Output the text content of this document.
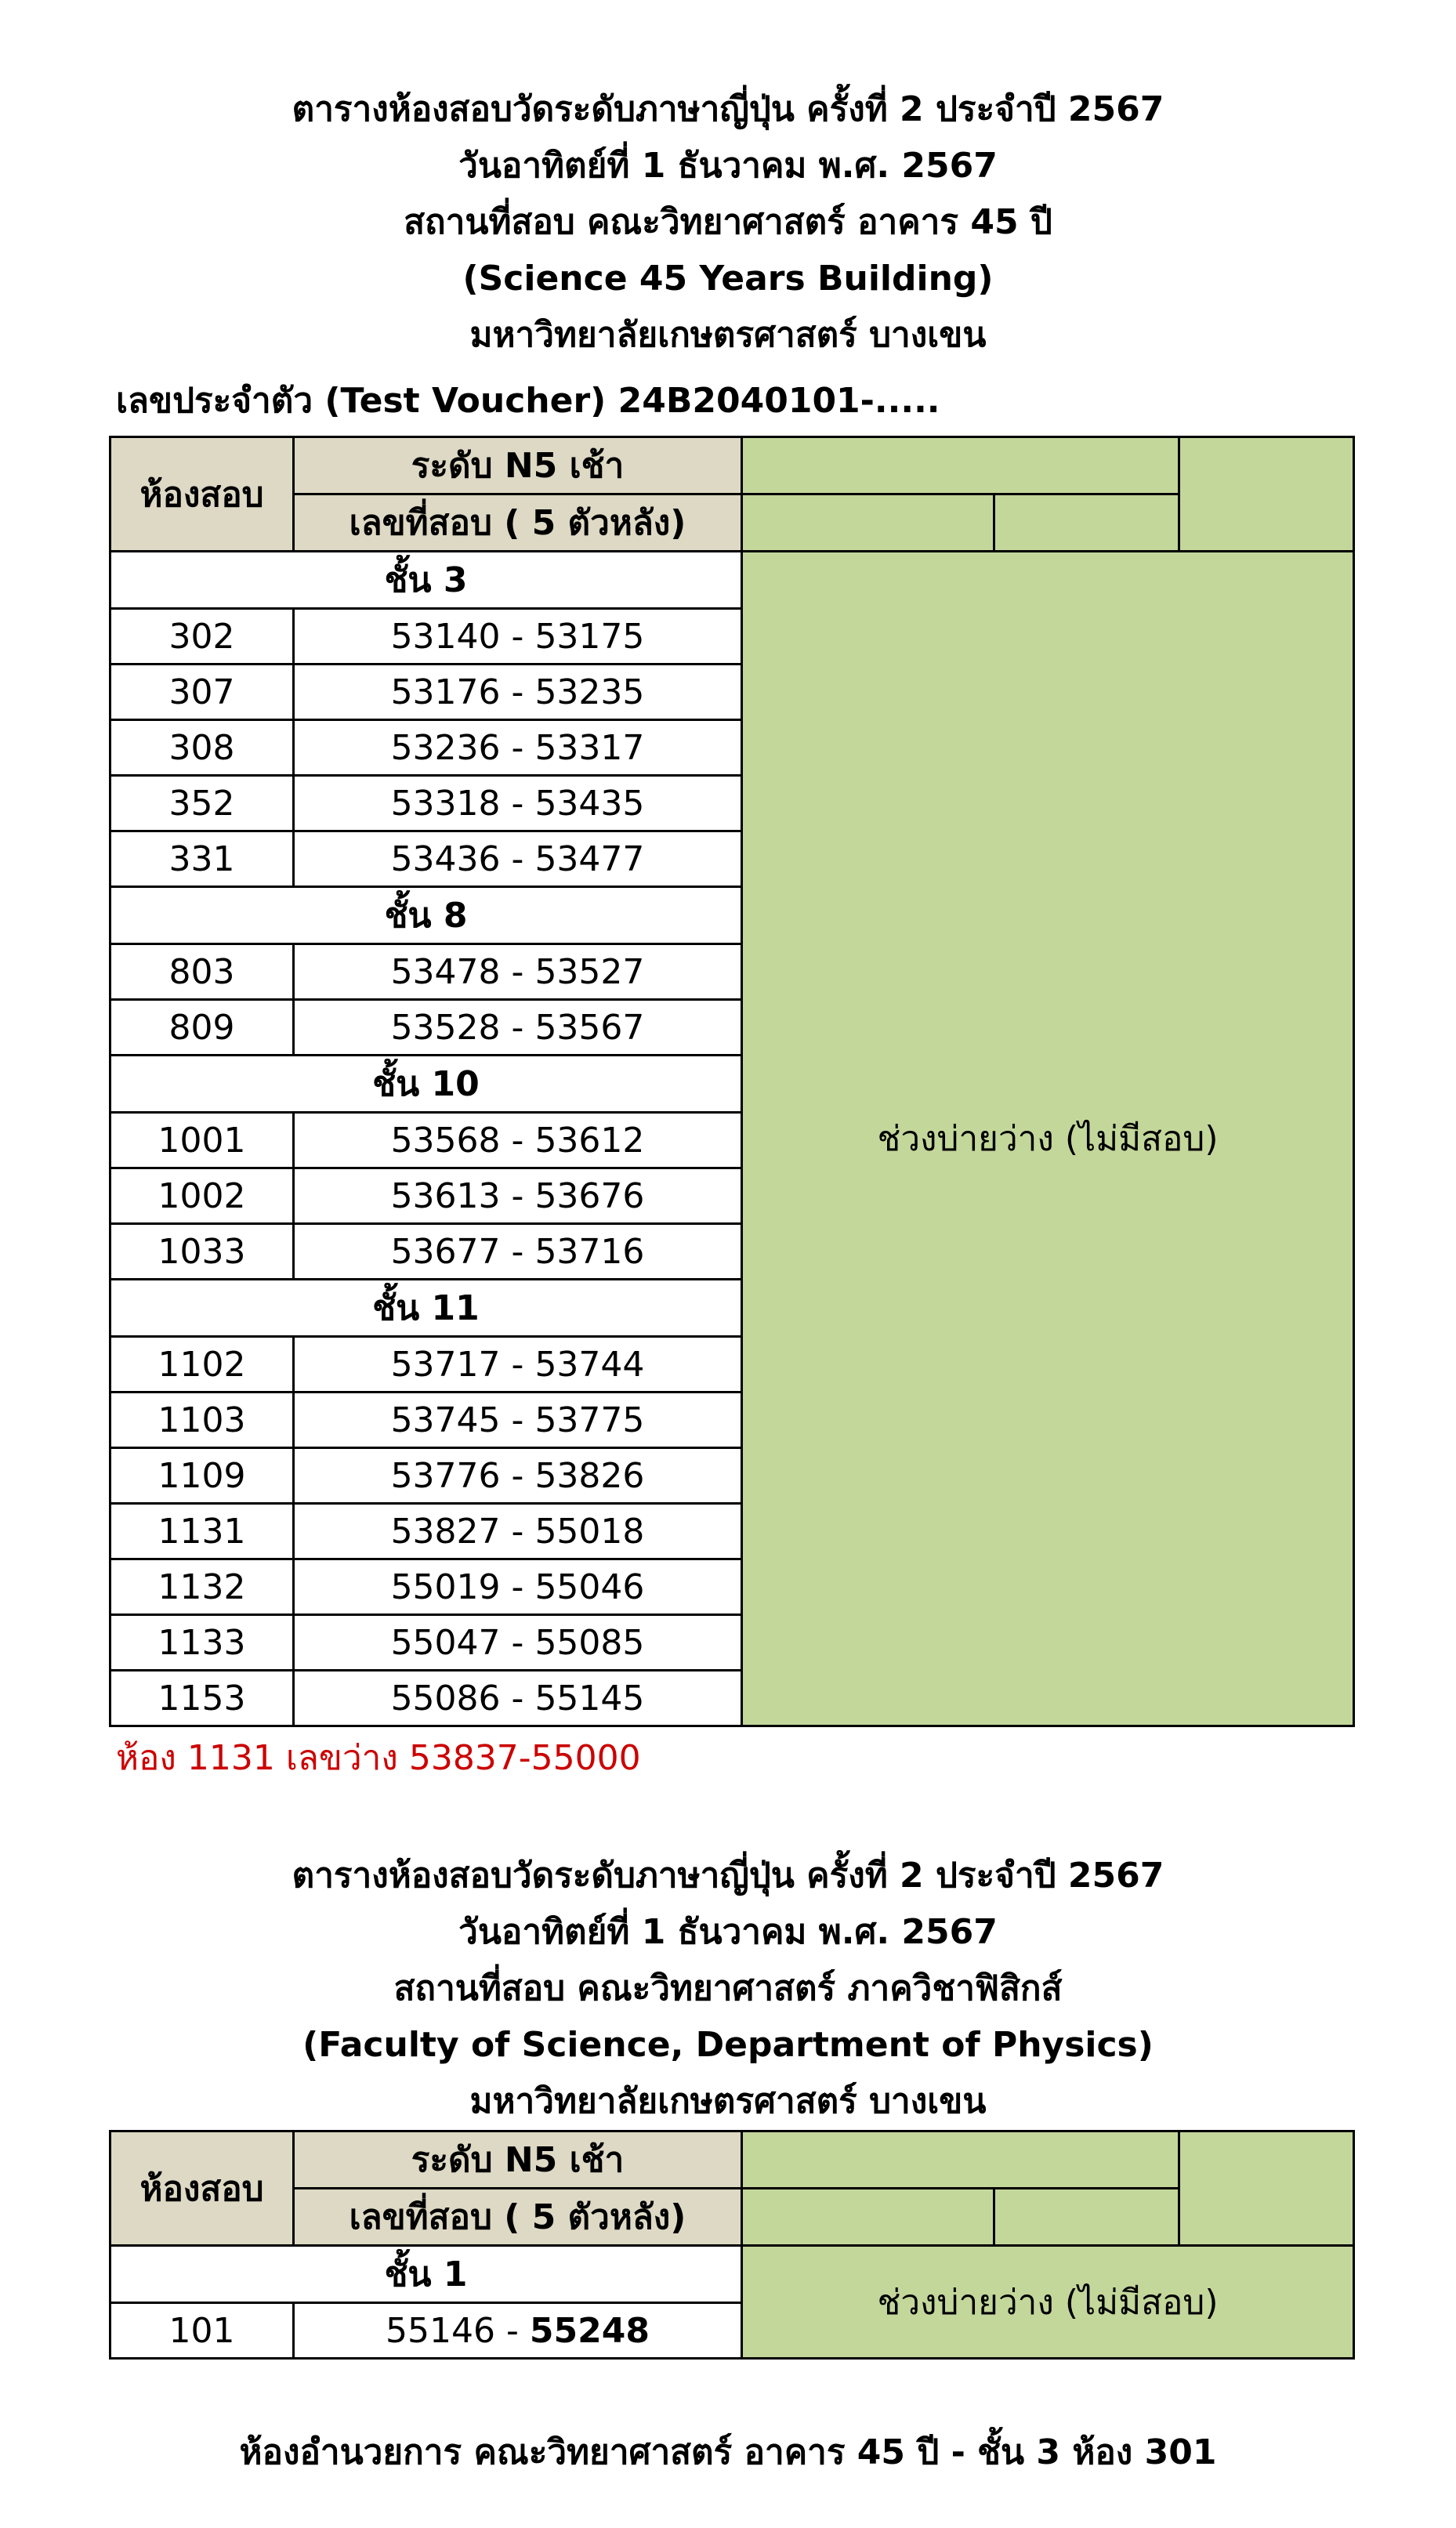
ตารางห้องสอบวัดระดับภาษาญี่ปุ่น ครั้งที่ 2 ประจำปี 2567
วันอาทิตย์ที่ 1 ธันวาคม พ.ศ. 2567
สถานที่สอบ คณะวิทยาศาสตร์ อาคาร 45 ปี
(Science 45 Years Building)
มหาวิทยาลัยเกษตรศาสตร์ บางเขน
เลขประจำตัว (Test Voucher) 24B2040101-.....
ห้องสอบ	ระดับ N5 เช้า			
	เลขที่สอบ ( 5 ตัวหลัง)			
ชั้น 3		ช่วงบ่ายว่าง (ไม่มีสอบ)		
302	53140 - 53175			
307	53176 - 53235			
308	53236 - 53317			
352	53318 - 53435			
331	53436 - 53477			
ชั้น 8				
803	53478 - 53527			
809	53528 - 53567			
ชั้น 10				
1001	53568 - 53612			
1002	53613 - 53676			
1033	53677 - 53716			
ชั้น 11				
1102	53717 - 53744			
1103	53745 - 53775			
1109	53776 - 53826			
1131	53827 - 55018			
1132	55019 - 55046			
1133	55047 - 55085			
1153	55086 - 55145			
ห้อง 1131 เลขว่าง 53837-55000
ตารางห้องสอบวัดระดับภาษาญี่ปุ่น ครั้งที่ 2 ประจำปี 2567
วันอาทิตย์ที่ 1 ธันวาคม พ.ศ. 2567
สถานที่สอบ คณะวิทยาศาสตร์ ภาควิชาฟิสิกส์
(Faculty of Science, Department of Physics)
มหาวิทยาลัยเกษตรศาสตร์ บางเขน
ห้องสอบ	ระดับ N5 เช้า			
	เลขที่สอบ ( 5 ตัวหลัง)			
ชั้น 1		ช่วงบ่ายว่าง (ไม่มีสอบ)		
101	55146 - 55248			
ห้องอำนวยการ คณะวิทยาศาสตร์ อาคาร 45 ปี - ชั้น 3 ห้อง 301
